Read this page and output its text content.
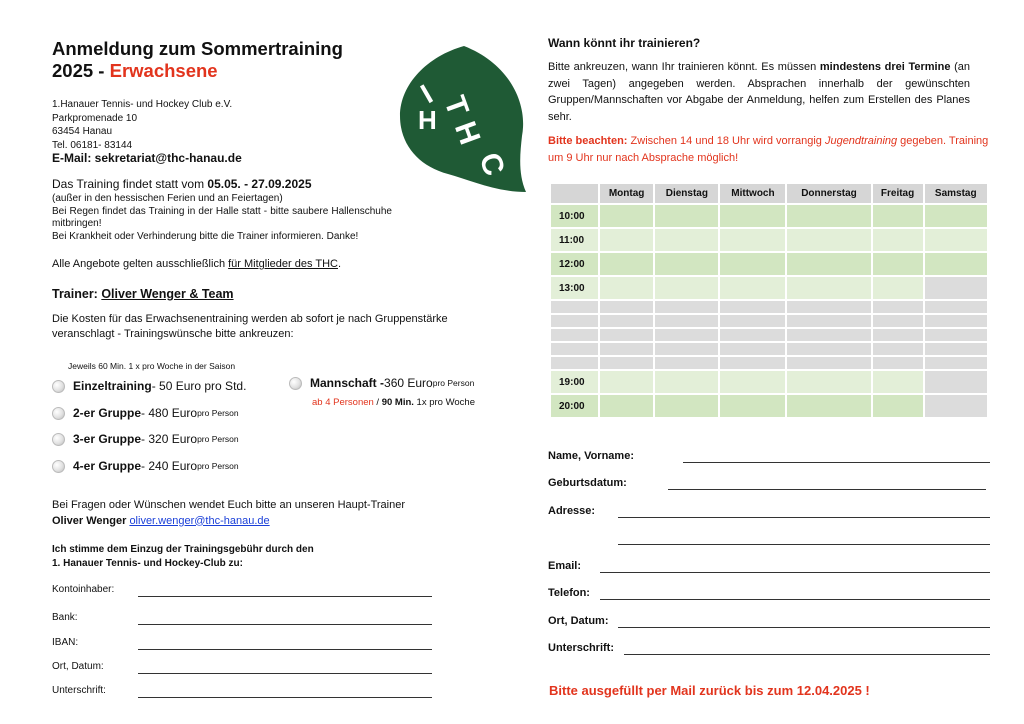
Anmeldung zum Sommertraining
2025 - Erwachsene
1.Hanauer Tennis- und Hockey Club e.V.
Parkpromenade 10
63454 Hanau
Tel. 06181- 83144
E-Mail: sekretariat@thc-hanau.de
I
H T
H
C
Das Training findet statt vom 05.05. - 27.09.2025
(außer in den hessischen Ferien und an Feiertagen)
Bei Regen findet das Training in der Halle statt - bitte saubere Hallenschuhe mitbringen!
Bei Krankheit oder Verhinderung bitte die Trainer informieren. Danke!
Alle Angebote gelten ausschließlich für Mitglieder des THC.
Trainer: Oliver Wenger & Team
Die Kosten für das Erwachsenentraining werden ab sofort je nach Gruppenstärke veranschlagt - Trainingswünsche bitte ankreuzen:
Jeweils 60 Min. 1 x pro Woche in der Saison
Einzeltraining - 50 Euro pro Std.
2-er Gruppe - 480 Euro pro Person
3-er Gruppe - 320 Euro pro Person
4-er Gruppe - 240 Euro pro Person
Mannschaft - 360 Euro pro Person
ab 4 Personen / 90 Min. 1x pro Woche
Bei Fragen oder Wünschen wendet Euch bitte an unseren Haupt-Trainer
Oliver Wenger oliver.wenger@thc-hanau.de
Ich stimme dem Einzug der Trainingsgebühr durch den
1. Hanauer Tennis- und Hockey-Club zu:
Kontoinhaber:
Bank:
IBAN:
Ort, Datum:
Unterschrift:
Wann könnt ihr trainieren?
Bitte ankreuzen, wann Ihr trainieren könnt. Es müssen mindestens drei Termine (an zwei Tagen) angegeben werden. Absprachen innerhalb der gewünschten Gruppen/Mannschaften vor Abgabe der Anmeldung, helfen zum Erstellen des Planes sehr.
Bitte beachten: Zwischen 14 und 18 Uhr wird vorrangig Jugendtraining gegeben. Training um 9 Uhr nur nach Absprache möglich!
	Montag	Dienstag	Mittwoch	Donnerstag	Freitag	Samstag
10:00						
11:00						
12:00						
13:00						

19:00						
20:00						
Name, Vorname:
Geburtsdatum:
Adresse:
Email:
Telefon:
Ort, Datum:
Unterschrift:
Bitte ausgefüllt per Mail zurück bis zum 12.04.2025 !
